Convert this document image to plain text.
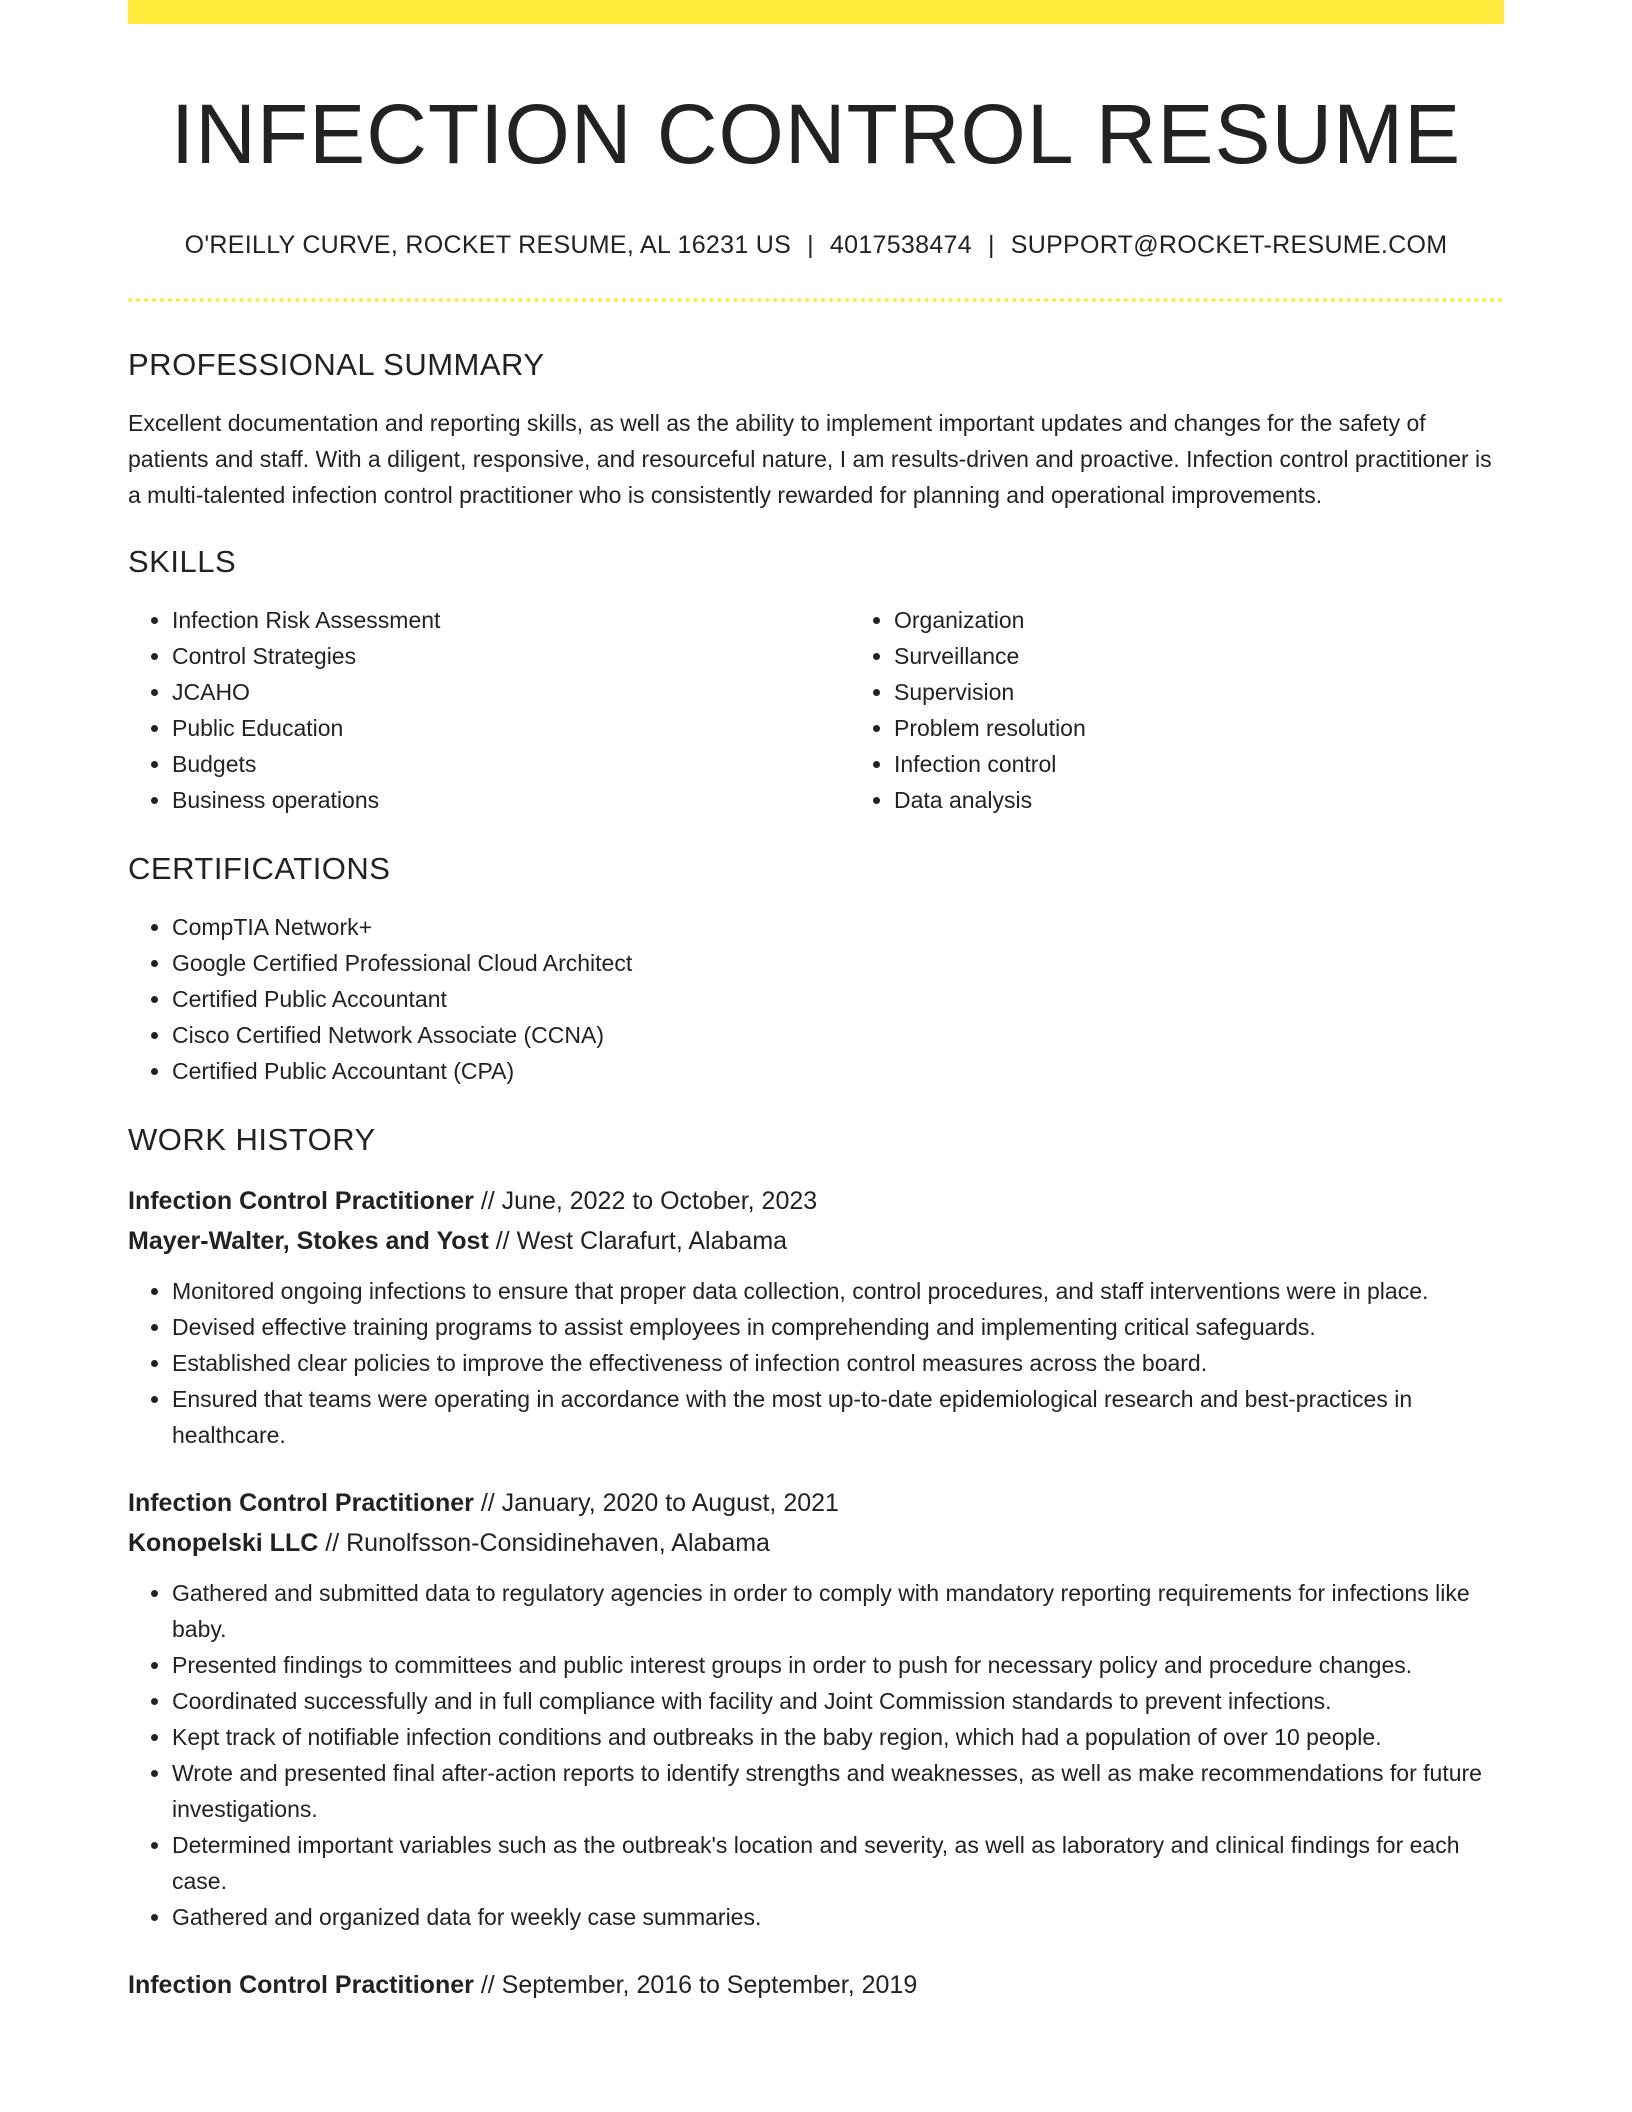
INFECTION CONTROL RESUME
O'REILLY CURVE, ROCKET RESUME, AL 16231 US | 4017538474 | SUPPORT@ROCKET-RESUME.COM
PROFESSIONAL SUMMARY

Excellent documentation and reporting skills, as well as the ability to implement important updates and changes for the safety of patients and staff. With a diligent, responsive, and resourceful nature, I am results-driven and proactive. Infection control practitioner is a multi-talented infection control practitioner who is consistently rewarded for planning and operational improvements.

SKILLS
• Infection Risk Assessment
• Control Strategies
• JCAHO
• Public Education
• Budgets
• Business operations
• Organization
• Surveillance
• Supervision
• Problem resolution
• Infection control
• Data analysis
CERTIFICATIONS
• CompTIA Network+
• Google Certified Professional Cloud Architect
• Certified Public Accountant
• Cisco Certified Network Associate (CCNA)
• Certified Public Accountant (CPA)
WORK HISTORY
Infection Control Practitioner // June, 2022 to October, 2023
Mayer-Walter, Stokes and Yost // West Clarafurt, Alabama
• Monitored ongoing infections to ensure that proper data collection, control procedures, and staff interventions were in place.
• Devised effective training programs to assist employees in comprehending and implementing critical safeguards.
• Established clear policies to improve the effectiveness of infection control measures across the board.
• Ensured that teams were operating in accordance with the most up-to-date epidemiological research and best-practices in healthcare.
Infection Control Practitioner // January, 2020 to August, 2021
Konopelski LLC // Runolfsson-Considinehaven, Alabama
• Gathered and submitted data to regulatory agencies in order to comply with mandatory reporting requirements for infections like baby.
• Presented findings to committees and public interest groups in order to push for necessary policy and procedure changes.
• Coordinated successfully and in full compliance with facility and Joint Commission standards to prevent infections.
• Kept track of notifiable infection conditions and outbreaks in the baby region, which had a population of over 10 people.
• Wrote and presented final after-action reports to identify strengths and weaknesses, as well as make recommendations for future investigations.
• Determined important variables such as the outbreak's location and severity, as well as laboratory and clinical findings for each case.
• Gathered and organized data for weekly case summaries.
Infection Control Practitioner // September, 2016 to September, 2019
